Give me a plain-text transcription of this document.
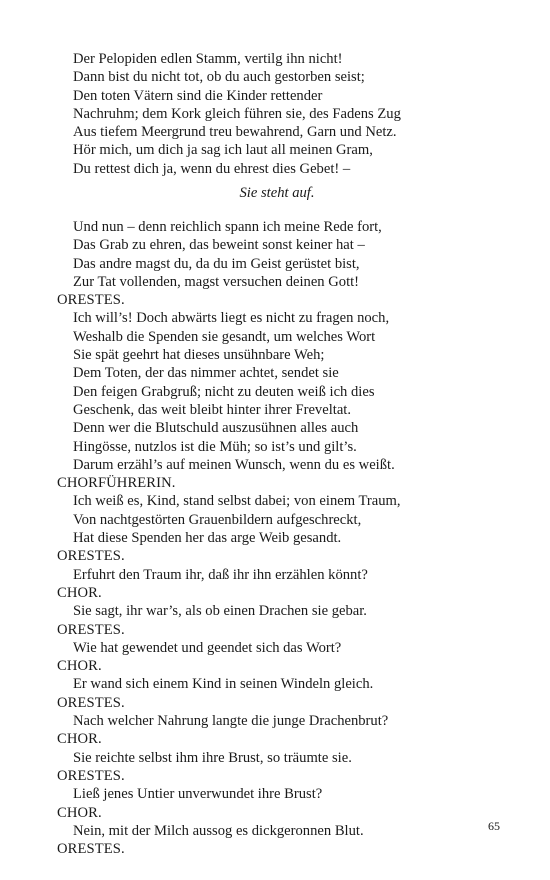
Der Pelopiden edlen Stamm, vertilg ihn nicht!
Dann bist du nicht tot, ob du auch gestorben seist;
Den toten Vätern sind die Kinder rettender
Nachruhm; dem Kork gleich führen sie, des Fadens Zug
Aus tiefem Meergrund treu bewahrend, Garn und Netz.
Hör mich, um dich ja sag ich laut all meinen Gram,
Du rettest dich ja, wenn du ehrest dies Gebet! –
Sie steht auf.
Und nun – denn reichlich spann ich meine Rede fort,
Das Grab zu ehren, das beweint sonst keiner hat –
Das andre magst du, da du im Geist gerüstet bist,
Zur Tat vollenden, magst versuchen deinen Gott!
ORESTES.
Ich will’s! Doch abwärts liegt es nicht zu fragen noch,
Weshalb die Spenden sie gesandt, um welches Wort
Sie spät geehrt hat dieses unsühnbare Weh;
Dem Toten, der das nimmer achtet, sendet sie
Den feigen Grabgruß; nicht zu deuten weiß ich dies
Geschenk, das weit bleibt hinter ihrer Freveltat.
Denn wer die Blutschuld auszusühnen alles auch
Hingösse, nutzlos ist die Müh; so ist’s und gilt’s.
Darum erzähl’s auf meinen Wunsch, wenn du es weißt.
CHORFÜHRERIN.
Ich weiß es, Kind, stand selbst dabei; von einem Traum,
Von nachtgestörten Grauenbildern aufgeschreckt,
Hat diese Spenden her das arge Weib gesandt.
ORESTES.
Erfuhrt den Traum ihr, daß ihr ihn erzählen könnt?
CHOR.
Sie sagt, ihr war’s, als ob einen Drachen sie gebar.
ORESTES.
Wie hat gewendet und geendet sich das Wort?
CHOR.
Er wand sich einem Kind in seinen Windeln gleich.
ORESTES.
Nach welcher Nahrung langte die junge Drachenbrut?
CHOR.
Sie reichte selbst ihm ihre Brust, so träumte sie.
ORESTES.
Ließ jenes Untier unverwundet ihre Brust?
CHOR.
Nein, mit der Milch aussog es dickgeronnen Blut.
ORESTES.
65
